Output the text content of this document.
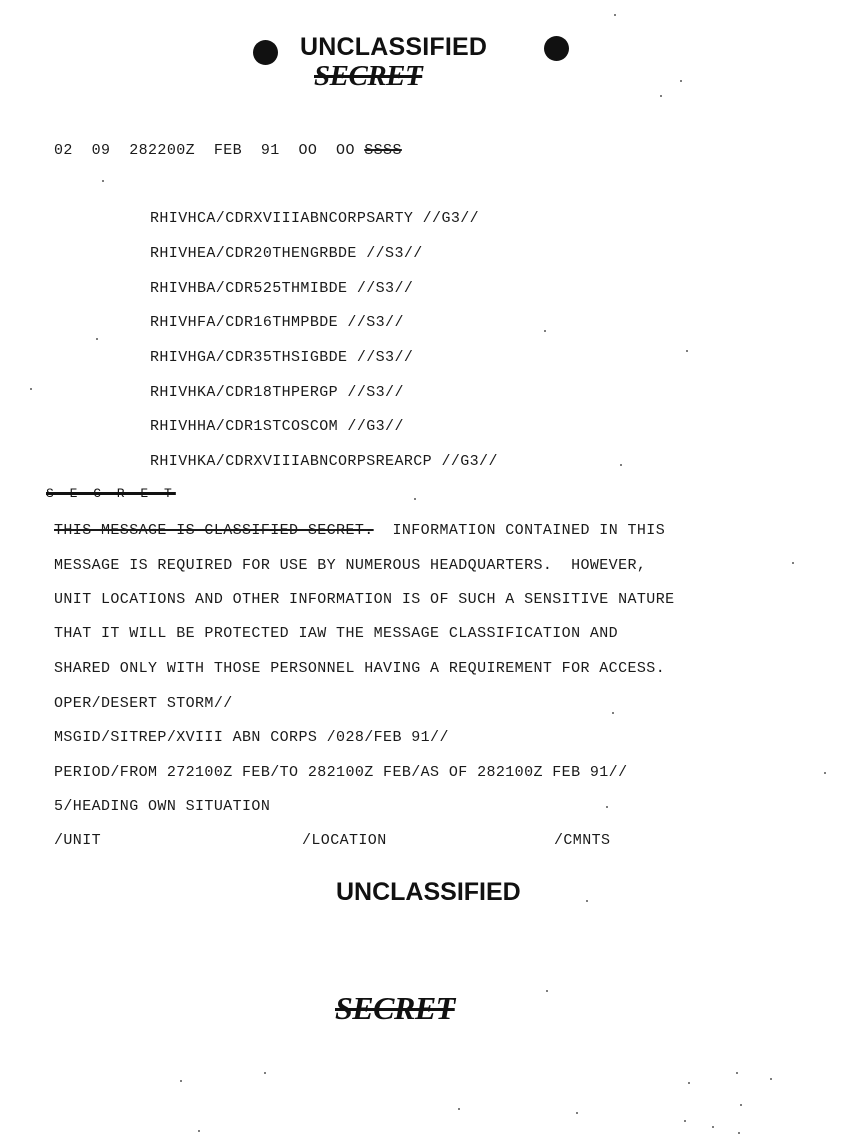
UNCLASSIFIED
SECRET
02  09  282200Z  FEB  91  OO  OO SSSS
RHIVHCA/CDRXVIIIABNCORPSARTY //G3//
RHIVHEA/CDR20THENGRBDE //S3//
RHIVHBA/CDR525THMIBDE //S3//
RHIVHFA/CDR16THMPBDE //S3//
RHIVHGA/CDR35THSIGBDE //S3//
RHIVHKA/CDR18THPERGP //S3//
RHIVHHA/CDR1STCOSCOM //G3//
RHIVHKA/CDRXVIIIABNCORPSREARCP //G3//
S E C R E T
THIS MESSAGE IS CLASSIFIED SECRET.  INFORMATION CONTAINED IN THIS
MESSAGE IS REQUIRED FOR USE BY NUMEROUS HEADQUARTERS.  HOWEVER,
UNIT LOCATIONS AND OTHER INFORMATION IS OF SUCH A SENSITIVE NATURE
THAT IT WILL BE PROTECTED IAW THE MESSAGE CLASSIFICATION AND
SHARED ONLY WITH THOSE PERSONNEL HAVING A REQUIREMENT FOR ACCESS.
OPER/DESERT STORM//
MSGID/SITREP/XVIII ABN CORPS /028/FEB 91//
PERIOD/FROM 272100Z FEB/TO 282100Z FEB/AS OF 282100Z FEB 91//
5/HEADING OWN SITUATION
/UNIT	/LOCATION	/CMNTS
UNCLASSIFIED
SECRET
